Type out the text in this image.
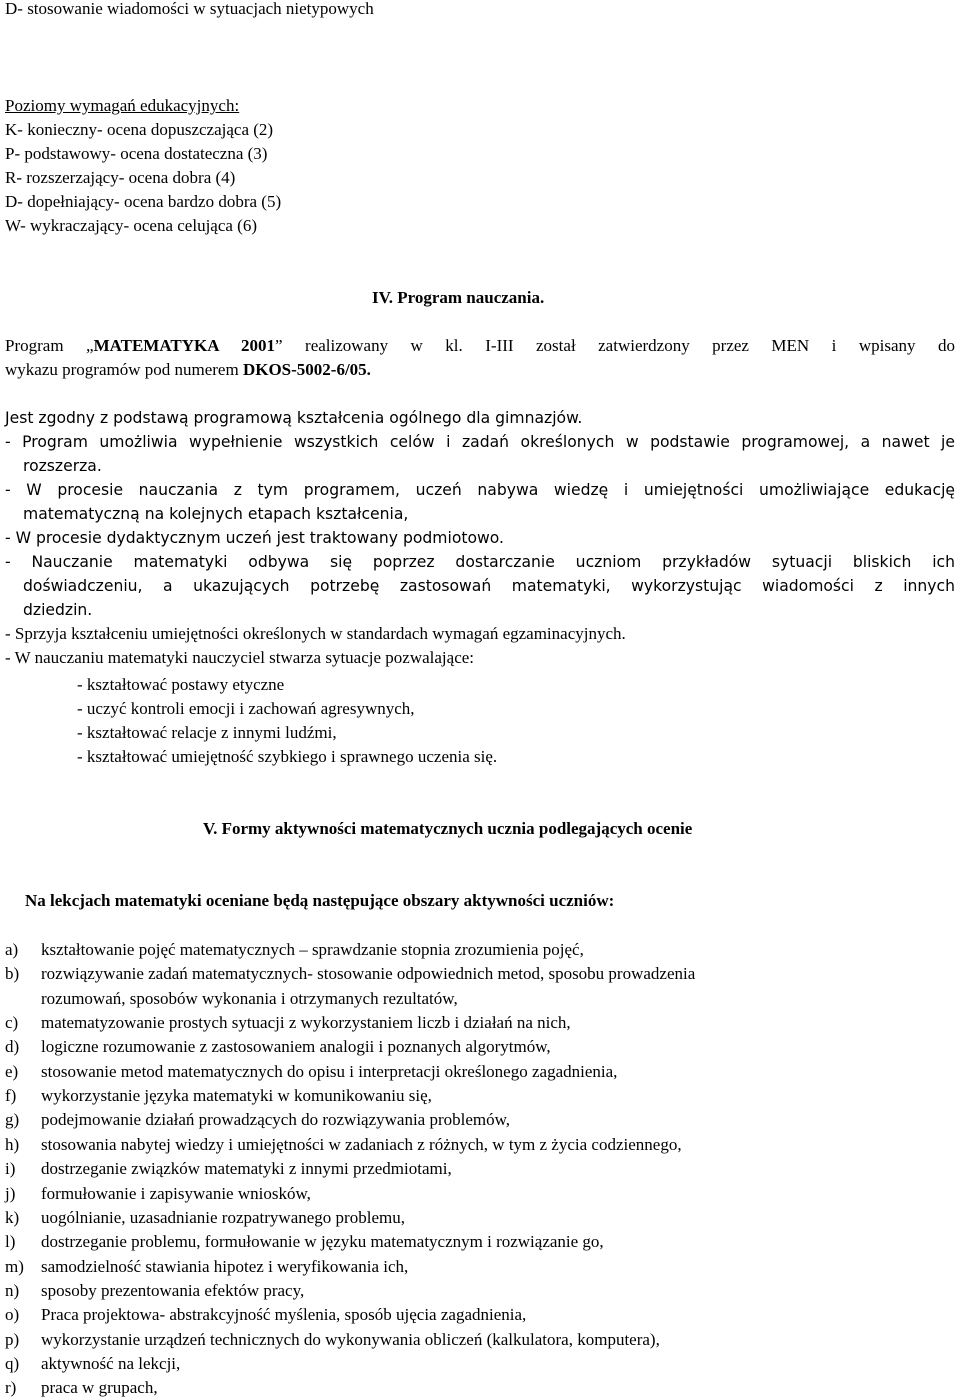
D- stosowanie wiadomości w sytuacjach nietypowych
Poziomy wymagań edukacyjnych:
K- konieczny- ocena dopuszczająca (2)
P- podstawowy- ocena dostateczna (3)
R- rozszerzający- ocena dobra (4)
D- dopełniający- ocena bardzo dobra (5)
W- wykraczający- ocena celująca (6)
IV. Program nauczania.
Program „MATEMATYKA 2001” realizowany w kl. I-III został zatwierdzony przez MEN i wpisany do
wykazu programów pod numerem DKOS-5002-6/05.
Jest zgodny z podstawą programową kształcenia ogólnego dla gimnazjów.
- Program umożliwia wypełnienie wszystkich celów i zadań określonych w podstawie programowej, a nawet je
rozszerza.
- W procesie nauczania z tym programem, uczeń nabywa wiedzę i umiejętności umożliwiające edukację
matematyczną na kolejnych etapach kształcenia,
- W procesie dydaktycznym uczeń jest traktowany podmiotowo.
- Nauczanie matematyki odbywa się poprzez dostarczanie uczniom przykładów sytuacji bliskich ich
doświadczeniu, a ukazujących potrzebę zastosowań matematyki, wykorzystując wiadomości z innych
dziedzin.
- Sprzyja kształceniu umiejętności określonych w standardach wymagań egzaminacyjnych.
- W nauczaniu matematyki nauczyciel stwarza sytuacje pozwalające:
- kształtować postawy etyczne
- uczyć kontroli emocji i zachowań agresywnych,
- kształtować relacje z innymi ludźmi,
- kształtować umiejętność szybkiego i sprawnego uczenia się.
V. Formy aktywności matematycznych ucznia podlegających ocenie
Na lekcjach matematyki oceniane będą następujące obszary aktywności uczniów:
a) kształtowanie pojęć matematycznych – sprawdzanie stopnia zrozumienia pojęć,
b) rozwiązywanie zadań matematycznych- stosowanie odpowiednich metod, sposobu prowadzenia
rozumowań, sposobów wykonania i otrzymanych rezultatów,
c) matematyzowanie prostych sytuacji z wykorzystaniem liczb i działań na nich,
d) logiczne rozumowanie z zastosowaniem analogii i poznanych algorytmów,
e) stosowanie metod matematycznych do opisu i interpretacji określonego zagadnienia,
f) wykorzystanie języka matematyki w komunikowaniu się,
g) podejmowanie działań prowadzących do rozwiązywania problemów,
h) stosowania nabytej wiedzy i umiejętności w zadaniach z różnych, w tym z życia codziennego,
i) dostrzeganie związków matematyki z innymi przedmiotami,
j) formułowanie i zapisywanie wniosków,
k) uogólnianie, uzasadnianie rozpatrywanego problemu,
l) dostrzeganie problemu, formułowanie w języku matematycznym i rozwiązanie go,
m) samodzielność stawiania hipotez i weryfikowania ich,
n) sposoby prezentowania efektów pracy,
o) Praca projektowa- abstrakcyjność myślenia, sposób ujęcia zagadnienia,
p) wykorzystanie urządzeń technicznych do wykonywania obliczeń (kalkulatora, komputera),
q) aktywność na lekcji,
r) praca w grupach,
